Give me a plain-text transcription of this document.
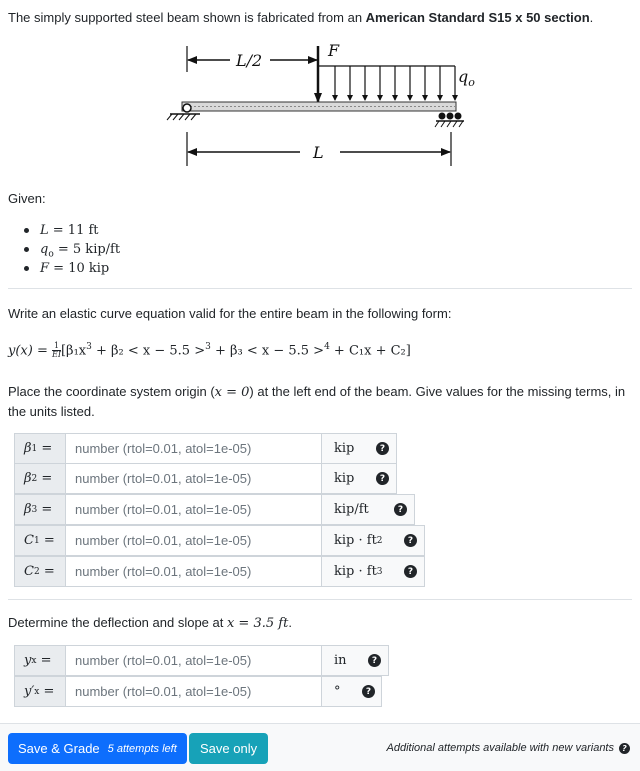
The simply supported steel beam shown is fabricated from an American Standard S15 x 50 section.
L/2
F
$q_o$
L
Given:
L = 11 ft
$q_o = 5$ kip/ft
F = 10 kip
Write an elastic curve equation valid for the entire beam in the following form:
$y(x) = \frac{1}{EI} [\beta_1x^3 + \beta_2 < x - 5.5 >^3 + \beta_3 < x - 5.5 >^4 + C_1x + C_2]$
Place the coordinate system origin (x = 0) at the left end of the beam. Give values for the missing terms, in
the units listed.
β 1 =	number (rtol=0.01, atol=1e-05)	kip	?
β 2 =	number (rtol=0.01, atol=1e-05)	kip	?
β 3 =	number (rtol=0.01, atol=1e-05)	kip/ft	?
C 1 =	number (rtol=0.01, atol=1e-05)	kip · ft 2	?
C 2 =	number (rtol=0.01, atol=1e-05)	kip · ft 3	?
Determine the deflection and slope at x = 3.5 ft.
y x =	number (rtol=0.01, atol=1e-05)	in	?
y′ x =	number (rtol=0.01, atol=1e-05)	°	?
Save & Grade 5 attempts left	Save only	Additional attempts available with new variants	?
